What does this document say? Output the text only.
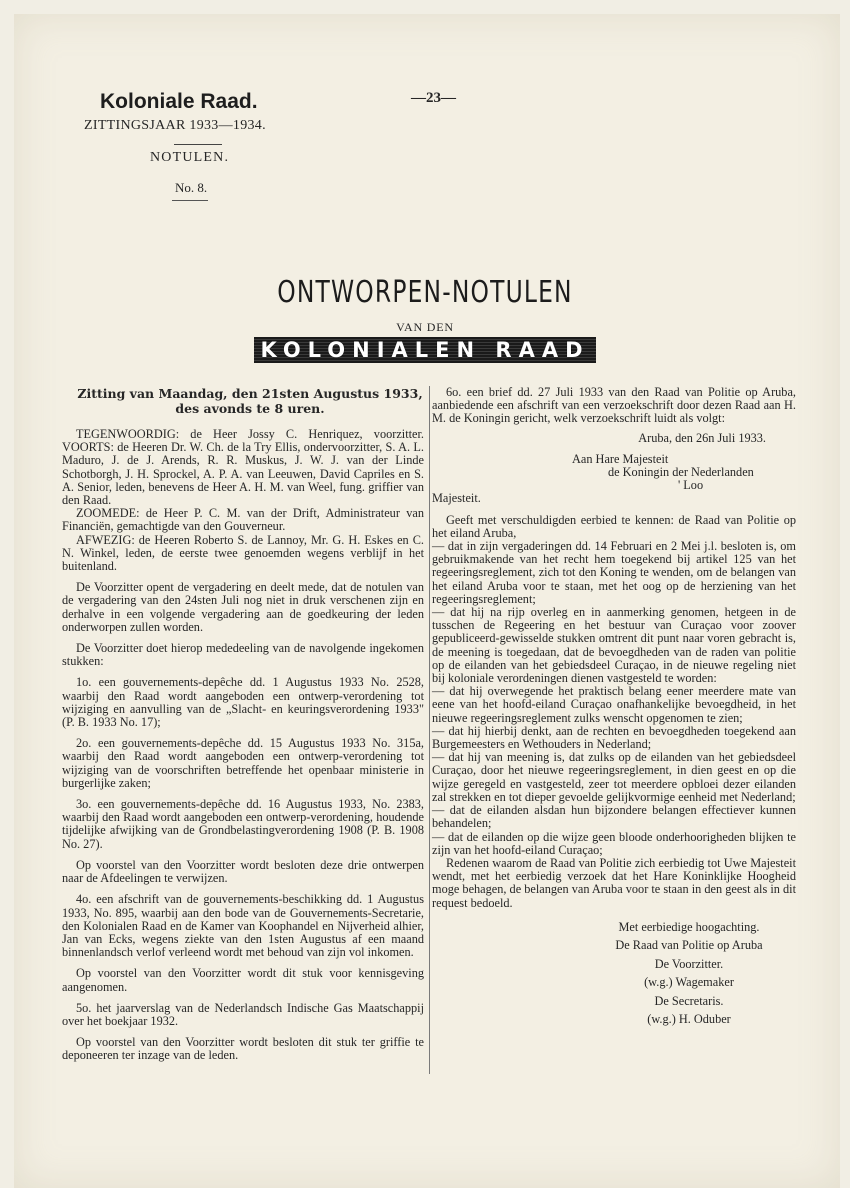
Koloniale Raad.
ZITTINGSJAAR 1933—1934.
NOTULEN.
No. 8.
—23—
ONTWORPEN-NOTULEN
VAN DEN
KOLONIALEN RAAD
Zitting van Maandag, den 21sten Augustus 1933, des avonds te 8 uren.

TEGENWOORDIG: de Heer Jossy C. Henriquez, voorzitter. VOORTS: de Heeren Dr. W. Ch. de la Try Ellis, ondervoorzitter, S. A. L. Maduro, J. de J. Arends, R. R. Muskus, J. W. J. van der Linde Schotborgh, J. H. Sprockel, A. P. A. van Leeuwen, David Capriles en S. A. Senior, leden, benevens de Heer A. H. M. van Weel, fung. griffier van den Raad.

ZOOMEDE: de Heer P. C. M. van der Drift, Administrateur van Financiën, gemachtigde van den Gouverneur.

AFWEZIG: de Heeren Roberto S. de Lannoy, Mr. G. H. Eskes en C. N. Winkel, leden, de eerste twee genoemden wegens verblijf in het buitenland.

De Voorzitter opent de vergadering en deelt mede, dat de notulen van de vergadering van den 24sten Juli nog niet in druk verschenen zijn en derhalve in een volgende vergadering aan de goedkeuring der leden onderworpen zullen worden.

De Voorzitter doet hierop mededeeling van de navolgende ingekomen stukken:

1o. een gouvernements-depêche dd. 1 Augustus 1933 No. 2528, waarbij den Raad wordt aangeboden een ontwerp-verordening tot wijziging en aanvulling van de „Slacht- en keuringsverordening 1933" (P. B. 1933 No. 17);

2o. een gouvernements-depêche dd. 15 Augustus 1933 No. 315a, waarbij den Raad wordt aangeboden een ontwerp-verordening tot wijziging van de voorschriften betreffende het openbaar ministerie in burgerlijke zaken;

3o. een gouvernements-depêche dd. 16 Augustus 1933, No. 2383, waarbij den Raad wordt aangeboden een ontwerp-verordening, houdende tijdelijke afwijking van de Grondbelastingverordening 1908 (P. B. 1908 No. 27).

Op voorstel van den Voorzitter wordt besloten deze drie ontwerpen naar de Afdeelingen te verwijzen.

4o. een afschrift van de gouvernements-beschikking dd. 1 Augustus 1933, No. 895, waarbij aan den bode van de Gouvernements-Secretarie, den Kolonialen Raad en de Kamer van Koophandel en Nijverheid alhier, Jan van Ecks, wegens ziekte van den 1sten Augustus af een maand binnenlandsch verlof verleend wordt met behoud van zijn vol inkomen.

Op voorstel van den Voorzitter wordt dit stuk voor kennisgeving aangenomen.

5o. het jaarverslag van de Nederlandsch Indische Gas Maatschappij over het boekjaar 1932.

Op voorstel van den Voorzitter wordt besloten dit stuk ter griffie te deponeeren ter inzage van de leden.

6o. een brief dd. 27 Juli 1933 van den Raad van Politie op Aruba, aanbiedende een afschrift van een verzoekschrift door dezen Raad aan H. M. de Koningin gericht, welk verzoekschrift luidt als volgt:

Aruba, den 26n Juli 1933.

Aan Hare Majesteit

de Koningin der Nederlanden

' Loo

Majesteit.

Geeft met verschuldigden eerbied te kennen: de Raad van Politie op het eiland Aruba,

— dat in zijn vergaderingen dd. 14 Februari en 2 Mei j.l. besloten is, om gebruikmakende van het recht hem toegekend bij artikel 125 van het regeeringsreglement, zich tot den Koning te wenden, om de belangen van het eiland Aruba voor te staan, met het oog op de herziening van het regeeringsreglement;

— dat hij na rijp overleg en in aanmerking genomen, hetgeen in de tusschen de Regeering en het bestuur van Curaçao voor zoover gepubliceerd-gewisselde stukken omtrent dit punt naar voren gebracht is, de meening is toegedaan, dat de bevoegdheden van de raden van politie op de eilanden van het gebiedsdeel Curaçao, in de nieuwe regeling niet bij koloniale verordeningen dienen vastgesteld te worden:

— dat hij overwegende het praktisch belang eener meerdere mate van eene van het hoofd-eiland Curaçao onafhankelijke bevoegdheid, in het nieuwe regeeringsreglement zulks wenscht opgenomen te zien;

— dat hij hierbij denkt, aan de rechten en bevoegdheden toegekend aan Burgemeesters en Wethouders in Nederland;

— dat hij van meening is, dat zulks op de eilanden van het gebiedsdeel Curaçao, door het nieuwe regeeringsreglement, in dien geest en op die wijze geregeld en vastgesteld, zeer tot meerdere opbloei dezer eilanden zal strekken en tot dieper gevoelde gelijkvormige eenheid met Nederland;

— dat de eilanden alsdan hun bijzondere belangen effectiever kunnen behandelen;

— dat de eilanden op die wijze geen bloode onderhoorigheden blijken te zijn van het hoofd-eiland Curaçao;

Redenen waarom de Raad van Politie zich eerbiedig tot Uwe Majesteit wendt, met het eerbiedig verzoek dat het Hare Koninklijke Hoogheid moge behagen, de belangen van Aruba voor te staan in den geest als in dit request bedoeld.

Met eerbiedige hoogachting.

De Raad van Politie op Aruba

De Voorzitter.

(w.g.) Wagemaker

De Secretaris.

(w.g.) H. Oduber
